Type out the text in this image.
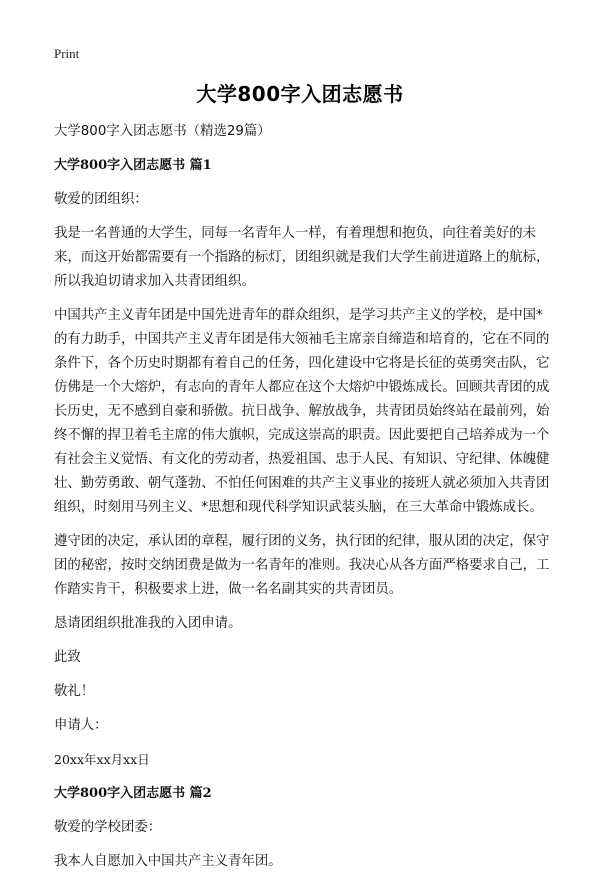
Print
大学800字入团志愿书

大学800字入团志愿书（精选29篇）

大学800字入团志愿书 篇1

敬爱的团组织：

我是一名普通的大学生，同每一名青年人一样，有着理想和抱负，向往着美好的未来，而这开始都需要有一个指路的标灯，团组织就是我们大学生前进道路上的航标，所以我迫切请求加入共青团组织。

中国共产主义青年团是中国先进青年的群众组织，是学习共产主义的学校，是中国*的有力助手，中国共产主义青年团是伟大领袖毛主席亲自缔造和培育的，它在不同的条件下，各个历史时期都有着自己的任务，四化建设中它将是长征的英勇突击队，它仿佛是一个大熔炉，有志向的青年人都应在这个大熔炉中锻炼成长。回顾共青团的成长历史，无不感到自豪和骄傲。抗日战争、解放战争，共青团员始终站在最前列，始终不懈的捍卫着毛主席的伟大旗帜，完成这崇高的职责。因此要把自己培养成为一个有社会主义觉悟、有文化的劳动者，热爱祖国、忠于人民、有知识、守纪律、体魄健壮、勤劳勇敢、朝气蓬勃、不怕任何困难的共产主义事业的接班人就必须加入共青团组织，时刻用马列主义、*思想和现代科学知识武装头脑，在三大革命中锻炼成长。

遵守团的决定，承认团的章程，履行团的义务，执行团的纪律，服从团的决定，保守团的秘密，按时交纳团费是做为一名青年的准则。我决心从各方面严格要求自己，工作踏实肯干，积极要求上进，做一名名副其实的共青团员。

恳请团组织批准我的入团申请。

此致

敬礼！

申请人：

20xx年xx月xx日

大学800字入团志愿书 篇2

敬爱的学校团委：

我本人自愿加入中国共产主义青年团。
